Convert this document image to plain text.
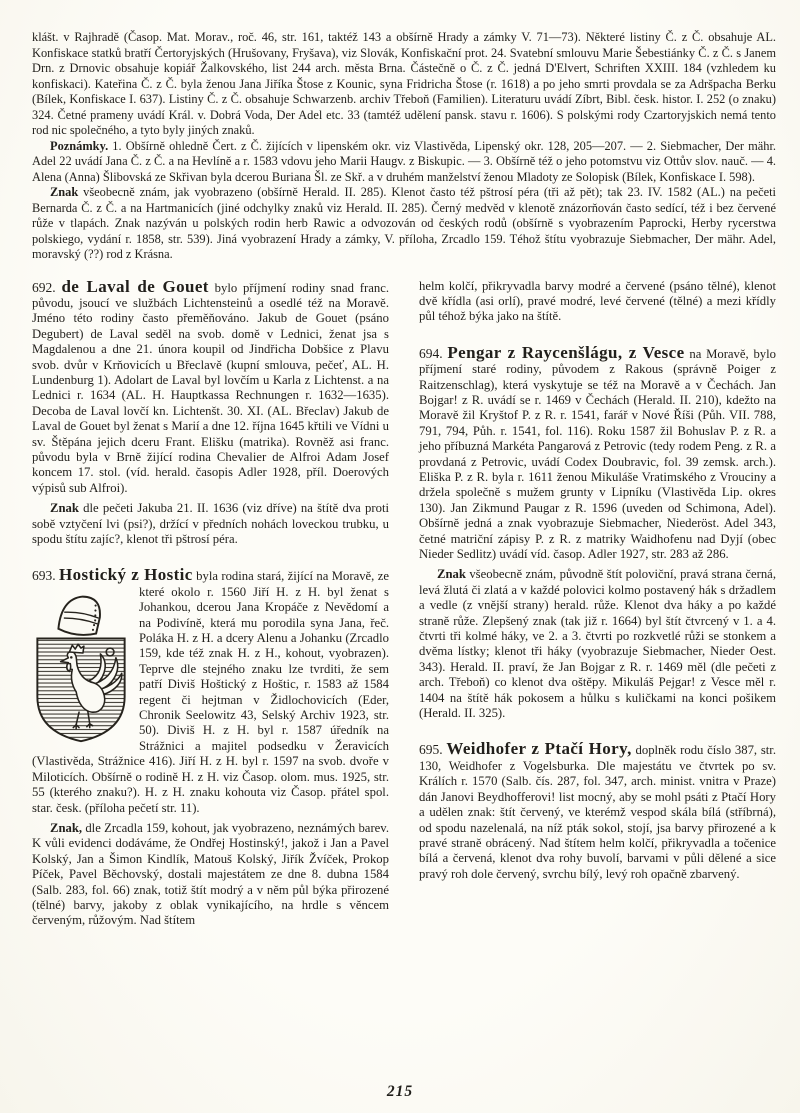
klášt. v Rajhradě (Časop. Mat. Morav., roč. 46, str. 161, taktéž 143 a obšírně Hrady a zámky V. 71—73). Některé listiny Č. z Č. obsahuje AL. Konfiskace statků bratří Čertoryjských (Hrušovany, Fryšava), viz Slovák, Konfiskační prot. 24. Svatební smlouvu Marie Šebestiánky Č. z Č. s Janem Drn. z Drnovic obsahuje kopiář Žalkovského, list 244 arch. města Brna. Částečně o Č. z Č. jedná D'Elvert, Schriften XXIII. 184 (vzhledem ku konfiskaci). Kateřina Č. z Č. byla ženou Jana Jiříka Štose z Kounic, syna Fridricha Štose (r. 1618) a po jeho smrti provdala se za Adršpacha Berku (Bílek, Konfiskace I. 637). Listiny Č. z Č. obsahuje Schwarzenb. archiv Třeboň (Familien). Literaturu uvádí Zíbrt, Bibl. česk. histor. I. 252 (o znaku) 324. Četné prameny uvádí Král. v. Dobrá Voda, Der Adel etc. 33 (tamtéž udělení pansk. stavu r. 1606). S polskými rody Czartoryjskich nemá tento rod nic společného, a tyto byly jiných znaků.

Poznámky. 1. Obšírně ohledně Čert. z Č. žijících v lipenském okr. viz Vlastivěda, Lipenský okr. 128, 205—207. — 2. Siebmacher, Der mähr. Adel 22 uvádí Jana Č. z Č. a na Hevlíně a r. 1583 vdovu jeho Marii Haugv. z Biskupic. — 3. Obšírně též o jeho potomstvu viz Ottův slov. nauč. — 4. Alena (Anna) Šlibovská ze Skřivan byla dcerou Buriana Šl. ze Skř. a v druhém manželství ženou Mladoty ze Solopisk (Bílek, Konfiskace I. 598).

Znak všeobecně znám, jak vyobrazeno (obšírně Herald. II. 285). Klenot často též pštrosí péra (tři až pět); tak 23. IV. 1582 (AL.) na pečeti Bernarda Č. z Č. a na Hartmanicích (jiné odchylky znaků viz Herald. II. 285). Černý medvěd v klenotě znázorňován často sedící, též i bez červené růže v tlapách. Znak nazýván u polských rodin herb Rawic a odvozován od českých rodů (obšírně s vyobrazením Paprocki, Herby rycerstwa polskiego, vydání r. 1858, str. 539). Jiná vyobrazení Hrady a zámky, V. příloha, Zrcadlo 159. Téhož štítu vyobrazuje Siebmacher, Der mähr. Adel, moravský (??) rod z Krásna.

692. de Laval de Gouet bylo příjmení rodiny snad franc. původu, jsoucí ve službách Lichtensteinů a osedlé též na Moravě. Jméno této rodiny často přeměňováno. Jakub de Gouet (psáno Degubert) de Laval seděl na svob. domě v Lednici, ženat jsa s Magdalenou a dne 21. února koupil od Jindřicha Dobšice z Plavu svob. dvůr v Krňovicích u Břeclavě (kupní smlouva, pečeť, AL. H. Lundenburg 1). Adolart de Laval byl lovčím u Karla z Lichtenst. a na Lednici r. 1634 (AL. H. Hauptkassa Rechnungen r. 1632—1635). Decoba de Laval lovčí kn. Lichtenšt. 30. XI. (AL. Břeclav) Jakub de Laval de Gouet byl ženat s Marií a dne 12. října 1645 křtili ve Vídni u sv. Štěpána jejich dceru Frant. Elišku (matrika). Rovněž asi franc. původu byla v Brně žijící rodina Chevalier de Alfroi Adam Josef koncem 17. stol. (víd. herald. časopis Adler 1928, příl. Doerových výpisů sub Alfroi).

Znak dle pečeti Jakuba 21. II. 1636 (viz dříve) na štítě dva proti sobě vztyčení lvi (psi?), držící v předních nohách loveckou trubku, u spodu štítu zajíc?, klenot tři pštrosí péra.

693. Hostický z Hostic byla rodina stará, žijící na Moravě, ze které okolo r. 1560 Jiří H. z H. byl ženat s Johankou, dcerou Jana Kropáče z Nevědomí a na Podivíně, která mu porodila syna Jana, řeč. Poláka H. z H. a dcery Alenu a Johanku (Zrcadlo 159, kde též znak H. z H., kohout, vyobrazen). Teprve dle stejného znaku lze tvrditi, že sem patří Diviš Hoštický z Hoštic, r. 1583 až 1584 regent či hejtman v Židlochovicích (Eder, Chronik Seelowitz 43, Selský Archiv 1923, str. 50). Diviš H. z H. byl r. 1587 úředník na Strážnici a majitel podsedku v Žeravicích (Vlastivěda, Strážnice 416). Jiří H. z H. byl r. 1597 na svob. dvoře v Miloticích. Obšírně o rodině H. z H. viz Časop. olom. mus. 1925, str. 55 (kterého znaku?). H. z H. znaku kohouta viz Časop. přátel spol. star. česk. (příloha pečetí str. 11).

Znak, dle Zrcadla 159, kohout, jak vyobrazeno, neznámých barev. K vůli evidenci dodáváme, že Ondřej Hostinský!, jakož i Jan a Pavel Kolský, Jan a Šimon Kindlík, Matouš Kolský, Jiřík Žvíček, Prokop Píček, Pavel Běchovský, dostali majestátem ze dne 8. dubna 1584 (Salb. 283, fol. 66) znak, totiž štít modrý a v něm půl býka přirozené (tělné) barvy, jakoby z oblak vynikajícího, na hrdle s věncem červeným, růžovým. Nad štítem

helm kolčí, přikryvadla barvy modré a červené (psáno tělné), klenot dvě křídla (asi orlí), pravé modré, levé červené (tělné) a mezi křídly půl téhož býka jako na štítě.

694. Pengar z Raycenšlágu, z Vesce na Moravě, bylo příjmení staré rodiny, původem z Rakous (správně Poiger z Raitzenschlag), která vyskytuje se též na Moravě a v Čechách. Jan Bojgar! z R. uvádí se r. 1469 v Čechách (Herald. II. 210), kdežto na Moravě žil Kryštof P. z R. r. 1541, farář v Nové Říši (Půh. VII. 788, 791, 794, Půh. r. 1541, fol. 116). Roku 1587 žil Bohuslav P. z R. a jeho příbuzná Markéta Pangarová z Petrovic (tedy rodem Peng. z R. a provdaná z Petrovic, uvádí Codex Doubravic, fol. 39 zemsk. arch.). Eliška P. z R. byla r. 1611 ženou Mikuláše Vratimského z Vrouciny a držela společně s mužem grunty v Lipníku (Vlastivěda Lip. okres 130). Jan Zikmund Paugar z R. 1596 (uveden od Schimona, Adel). Obšírně jedná a znak vyobrazuje Siebmacher, Niederöst. Adel 343, četné matriční zápisy P. z R. z matriky Waidhofenu nad Dyjí (obec Nieder Sedlitz) uvádí víd. časop. Adler 1927, str. 283 až 286.

Znak všeobecně znám, původně štít poloviční, pravá strana černá, levá žlutá či zlatá a v každé polovici kolmo postavený hák s držadlem a vedle (z vnější strany) herald. růže. Klenot dva háky a po každé straně růže. Zlepšený znak (tak již r. 1664) byl štít čtvrcený v 1. a 4. čtvrti tři kolmé háky, ve 2. a 3. čtvrti po rozkvetlé růži se stonkem a dvěma lístky; klenot tři háky (vyobrazuje Siebmacher, Nieder Oest. 343). Herald. II. praví, že Jan Bojgar z R. r. 1469 měl (dle pečeti z arch. Třeboň) co klenot dva oštěpy. Mikuláš Pejgar! z Vesce měl r. 1404 na štítě hák pokosem a hůlku s kuličkami na konci pošikem (Herald. II. 325).

695. Weidhofer z Ptačí Hory, doplněk rodu číslo 387, str. 130, Weidhofer z Vogelsburka. Dle majestátu ve čtvrtek po sv. Králích r. 1570 (Salb. čís. 287, fol. 347, arch. minist. vnitra v Praze) dán Janovi Beydhofferovi! list mocný, aby se mohl psáti z Ptačí Hory a udělen znak: štít červený, ve kterémž vespod skála bílá (stříbrná), od spodu nazelenalá, na níž pták sokol, stojí, jsa barvy přirozené a k pravé straně obrácený. Nad štítem helm kolčí, přikryvadla a točenice bílá a červená, klenot dva rohy buvolí, barvami v půli dělené a sice pravý roh dole červený, svrchu bílý, levý roh opačně zbarvený.

215
